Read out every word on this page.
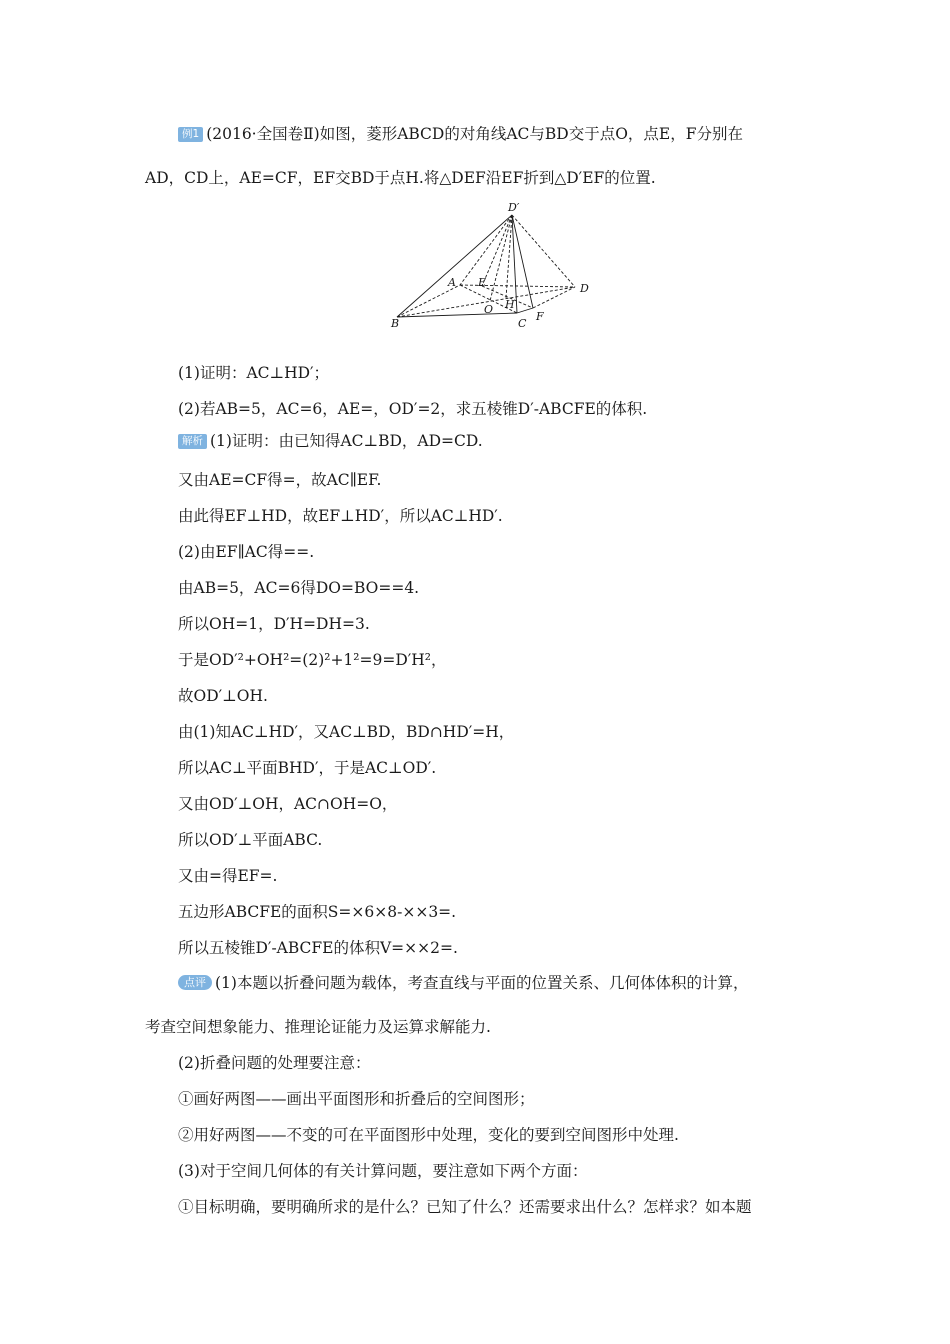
例1 (2016·全国卷Ⅱ)如图，菱形ABCD的对角线AC与BD交于点O，点E，F分别在
AD，CD上，AE=CF，EF交BD于点H.将△DEF沿EF折到△D′EF的位置.
D′
A E	D
H
O
B	C
F
(1)证明：AC⊥HD′；
(2)若AB=5，AC=6，AE=，OD′=2，求五棱锥D′-ABCFE的体积.
解析 (1)证明：由已知得AC⊥BD，AD=CD.
又由AE=CF得=，故AC∥EF.
由此得EF⊥HD，故EF⊥HD′，所以AC⊥HD′.
(2)由EF∥AC得==.
由AB=5，AC=6得DO=BO==4.
所以OH=1，D′H=DH=3.
于是OD′²+OH²=(2)²+1²=9=D′H²，
故OD′⊥OH.
由(1)知AC⊥HD′，又AC⊥BD，BD∩HD′=H，
所以AC⊥平面BHD′，于是AC⊥OD′.
又由OD′⊥OH，AC∩OH=O，
所以OD′⊥平面ABC.
又由=得EF=.
五边形ABCFE的面积S=×6×8-××3=.
所以五棱锥D′-ABCFE的体积V=××2=.
点评 (1)本题以折叠问题为载体，考查直线与平面的位置关系、几何体体积的计算，
考查空间想象能力、推理论证能力及运算求解能力.
(2)折叠问题的处理要注意：
①画好两图——画出平面图形和折叠后的空间图形；
②用好两图——不变的可在平面图形中处理，变化的要到空间图形中处理.
(3)对于空间几何体的有关计算问题，要注意如下两个方面：
①目标明确，要明确所求的是什么？已知了什么？还需要求出什么？怎样求？如本题
